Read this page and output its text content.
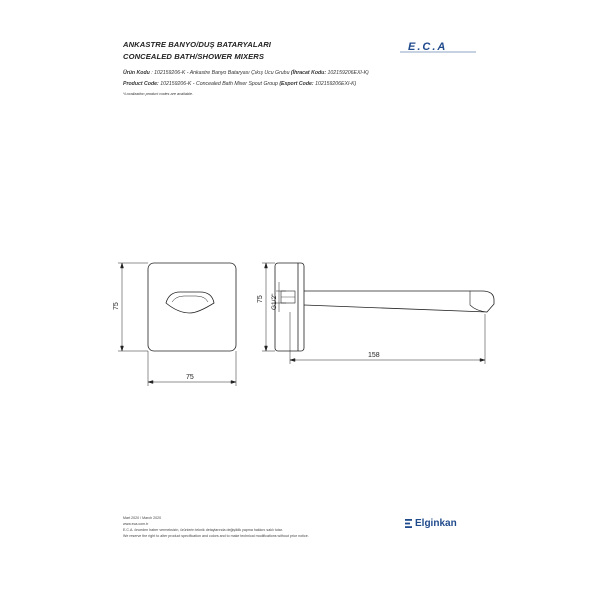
ANKASTRE BANYO/DUŞ BATARYALARI
CONCEALED BATH/SHOWER MIXERS
E.C.A
Ürün Kodu : 102159206-K - Ankastre Banyo Bataryası Çıkış Ucu Grubu (İhracat Kodu: 102159206EXI-K)
Product Code: 102159206-K - Concealed Bath Mixer Spout Group (Export Code: 102159206EXI-K)
*Localization product codes are available.
75
75
75 G1/2"
158
Mart 2020 / March 2020
www.eca.com.tr
E.C.A. önceden haber vermeksizin, ürünlerin teknik detaylarında değişiklik yapma hakkını saklı tutar.
We reserve the right to alter product specification and colors and to make technical modifications without prior notice.
Elginkan
